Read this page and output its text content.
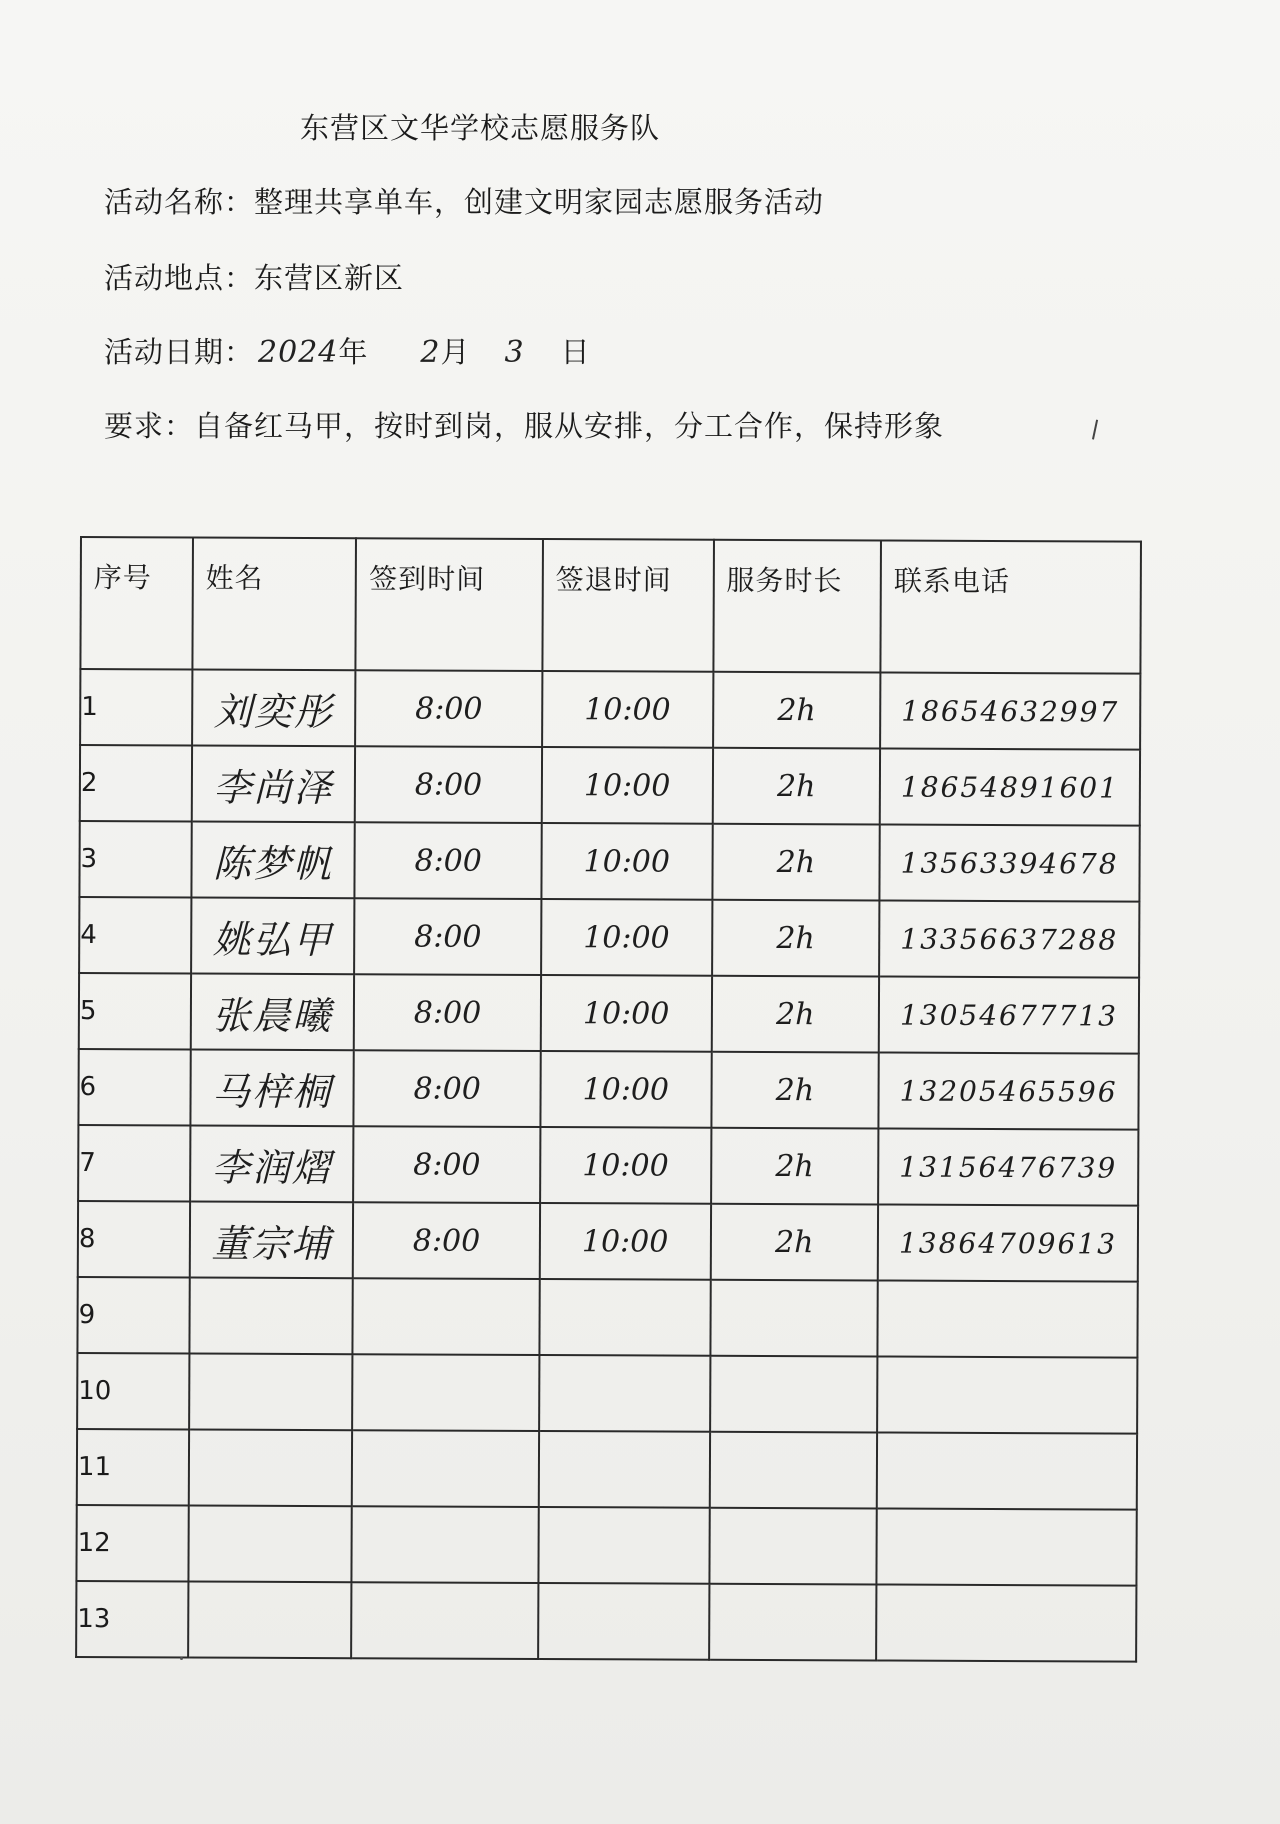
东营区文华学校志愿服务队
活动名称：整理共享单车，创建文明家园志愿服务活动
活动地点：东营区新区
活动日期： 2024年 2月 3 日
要求：自备红马甲，按时到岗，服从安排，分工合作，保持形象
序号	姓名	签到时间	签退时间	服务时长	联系电话
1	刘奕彤	8:00	10:00	2h	18654632997
2	李尚泽	8:00	10:00	2h	18654891601
3	陈梦帆	8:00	10:00	2h	13563394678
4	姚弘甲	8:00	10:00	2h	13356637288
5	张晨曦	8:00	10:00	2h	13054677713
6	马梓桐	8:00	10:00	2h	13205465596
7	李润熠	8:00	10:00	2h	13156476739
8	董宗埔	8:00	10:00	2h	13864709613
9					
10					
11					
12					
13					
